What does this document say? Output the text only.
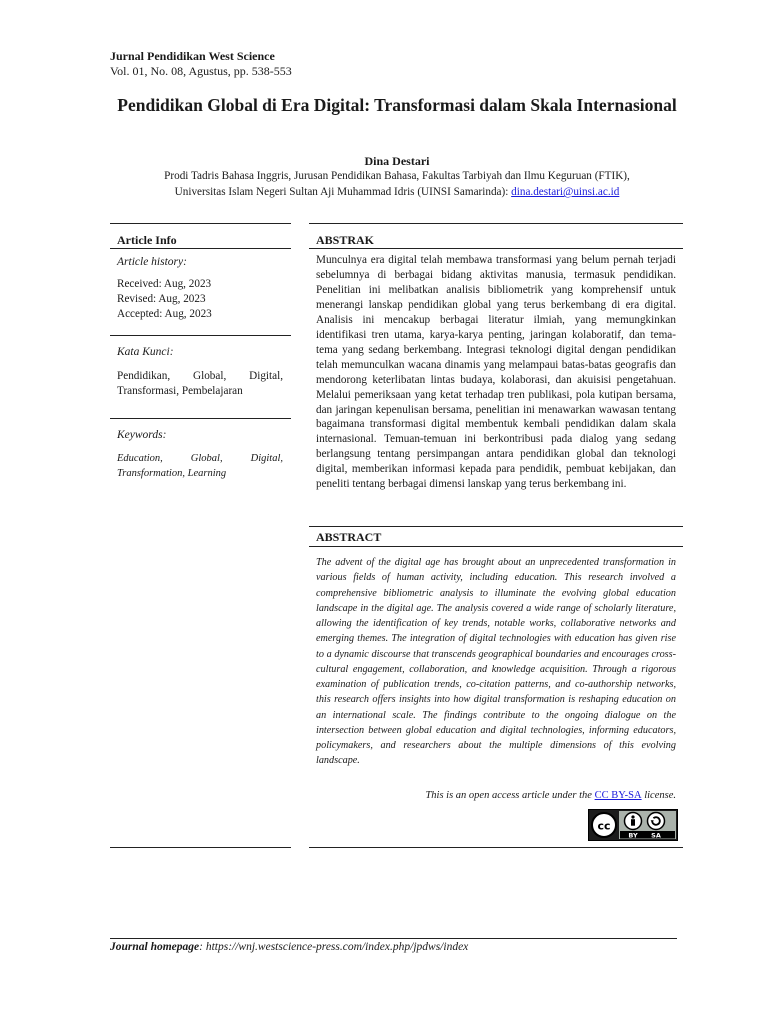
Jurnal Pendidikan West Science
Vol. 01, No. 08, Agustus, pp. 538-553
Pendidikan Global di Era Digital: Transformasi dalam Skala Internasional
Dina Destari
Prodi Tadris Bahasa Inggris, Jurusan Pendidikan Bahasa, Fakultas Tarbiyah dan Ilmu Keguruan (FTIK),
Universitas Islam Negeri Sultan Aji Muhammad Idris (UINSI Samarinda): dina.destari@uinsi.ac.id
Article Info
Article history:
Received: Aug, 2023
Revised: Aug, 2023
Accepted: Aug, 2023
Kata Kunci:
Pendidikan, Global, Digital, Transformasi, Pembelajaran
Keywords:
Education, Global, Digital, Transformation, Learning
ABSTRAK
Munculnya era digital telah membawa transformasi yang belum pernah terjadi sebelumnya di berbagai bidang aktivitas manusia, termasuk pendidikan. Penelitian ini melibatkan analisis bibliometrik yang komprehensif untuk menerangi lanskap pendidikan global yang terus berkembang di era digital. Analisis ini mencakup berbagai literatur ilmiah, yang memungkinkan identifikasi tren utama, karya-karya penting, jaringan kolaboratif, dan tema-tema yang sedang berkembang. Integrasi teknologi digital dengan pendidikan telah memunculkan wacana dinamis yang melampaui batas-batas geografis dan mendorong keterlibatan lintas budaya, kolaborasi, dan akuisisi pengetahuan. Melalui pemeriksaan yang ketat terhadap tren publikasi, pola kutipan bersama, dan jaringan kepenulisan bersama, penelitian ini menawarkan wawasan tentang bagaimana transformasi digital membentuk kembali pendidikan dalam skala internasional. Temuan-temuan ini berkontribusi pada dialog yang sedang berlangsung tentang persimpangan antara pendidikan global dan teknologi digital, memberikan informasi kepada para pendidik, pembuat kebijakan, dan peneliti tentang berbagai dimensi lanskap yang terus berkembang ini.
ABSTRACT
The advent of the digital age has brought about an unprecedented transformation in various fields of human activity, including education. This research involved a comprehensive bibliometric analysis to illuminate the evolving global education landscape in the digital age. The analysis covered a wide range of scholarly literature, allowing the identification of key trends, notable works, collaborative networks and emerging themes. The integration of digital technologies with education has given rise to a dynamic discourse that transcends geographical boundaries and encourages cross-cultural engagement, collaboration, and knowledge acquisition. Through a rigorous examination of publication trends, co-citation patterns, and co-authorship networks, this research offers insights into how digital transformation is reshaping education on an international scale. The findings contribute to the ongoing dialogue on the intersection between global education and digital technologies, informing educators, policymakers, and researchers about the multiple dimensions of this evolving landscape.
This is an open access article under the CC BY-SA license.
cc
BY SA
Journal homepage: https://wnj.westscience-press.com/index.php/jpdws/index
